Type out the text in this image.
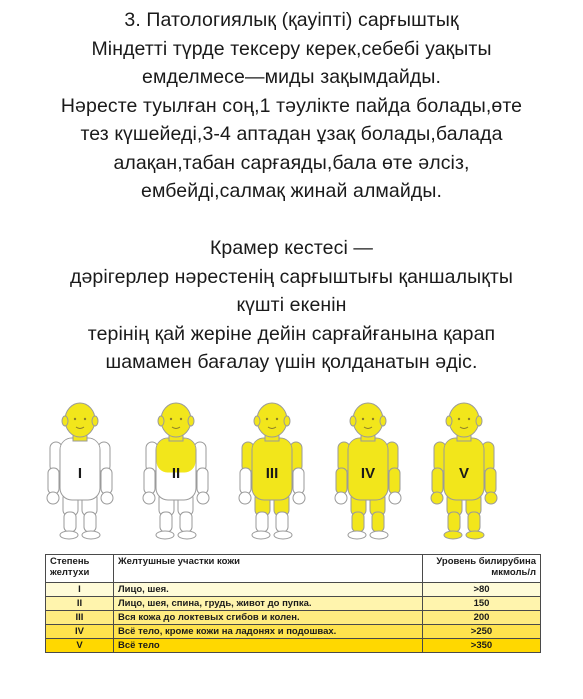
3. Патологиялық (қауіпті) сарғыштық
Міндетті түрде тексеру керек,себебі уақыты
емделмесе—миды зақымдайды.
Нәресте туылған соң,1 тәулікте пайда болады,өте
тез күшейеді,3-4 аптадан ұзақ болады,балада
алақан,табан сарғаяды,бала өте әлсіз,
ембейді,салмақ жинай алмайды.
Крамер кестесі —
дәрігерлер нәрестенің сарғыштығы қаншалықты
күшті екенін
терінің қай жеріне дейін сарғайғанына қарап
шамамен бағалау үшін қолданатын әдіс.
I	II	III	IV	V
Степень желтухи	Желтушные участки кожи	Уровень билирубина мкмоль/л
I	Лицо, шея.	>80
II	Лицо, шея, спина, грудь, живот до пупка.	150
III	Вся кожа до локтевых сгибов и колен.	200
IV	Всё тело, кроме кожи на ладонях и подошвах.	>250
V	Всё тело	>350
